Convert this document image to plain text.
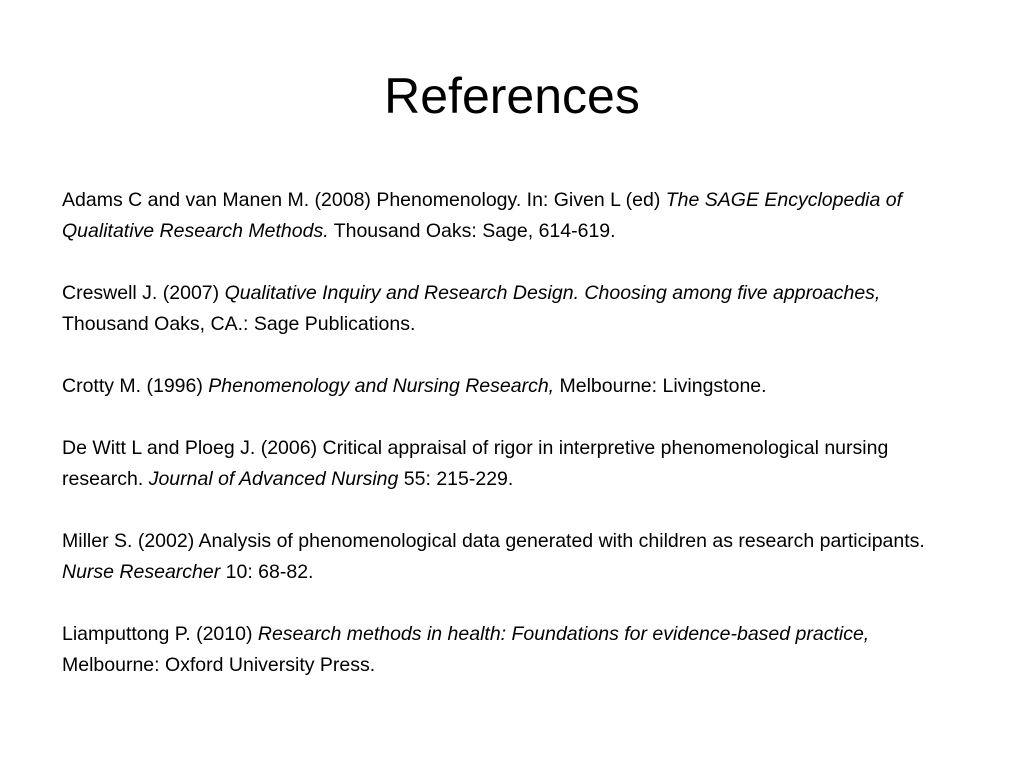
References

Adams C and van Manen M. (2008) Phenomenology. In: Given L (ed) The SAGE Encyclopedia of Qualitative Research Methods. Thousand Oaks: Sage, 614-619.

Creswell J. (2007) Qualitative Inquiry and Research Design. Choosing among five approaches, Thousand Oaks, CA.: Sage Publications.

Crotty M. (1996) Phenomenology and Nursing Research, Melbourne: Livingstone.

De Witt L and Ploeg J. (2006) Critical appraisal of rigor in interpretive phenomenological nursing research. Journal of Advanced Nursing 55: 215-229.

Miller S. (2002) Analysis of phenomenological data generated with children as research participants. Nurse Researcher 10: 68-82.

Liamputtong P. (2010) Research methods in health: Foundations for evidence-based practice, Melbourne: Oxford University Press.
